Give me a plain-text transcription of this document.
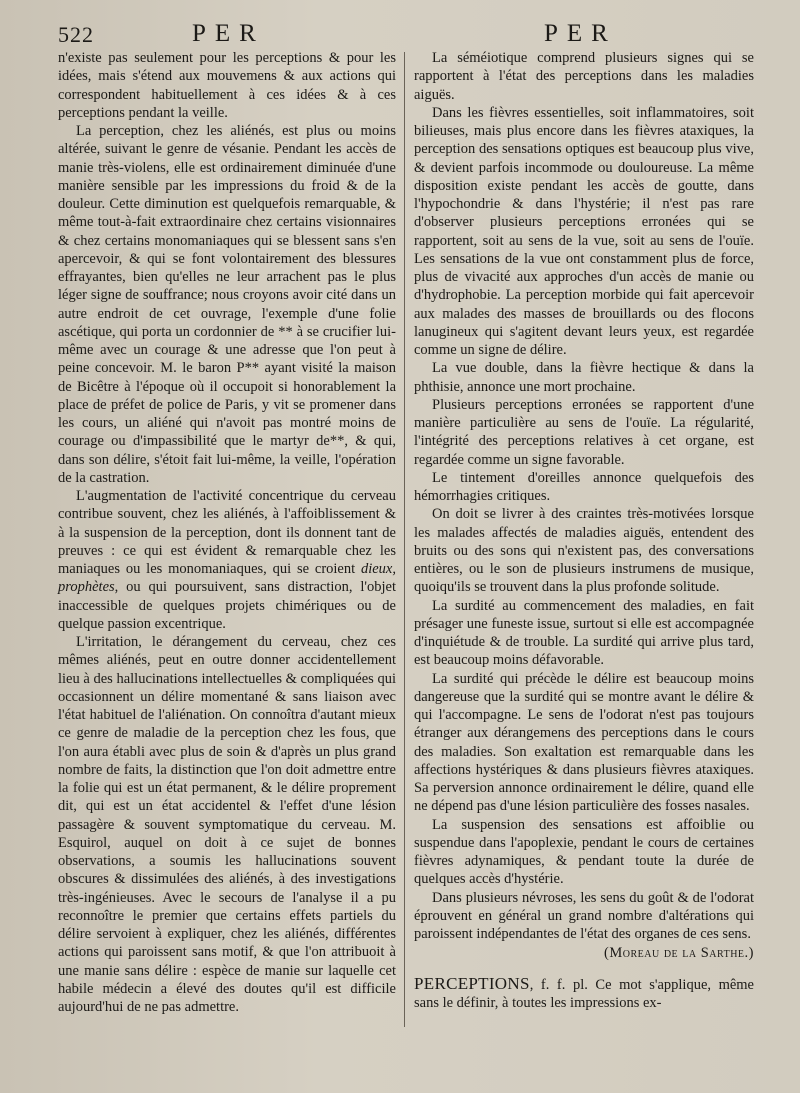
522	PER	PER

n'existe pas seulement pour les perceptions & pour les idées, mais s'étend aux mouvemens & aux actions qui correspondent habituellement à ces idées & à ces perceptions pendant la veille.

La perception, chez les aliénés, est plus ou moins altérée, suivant le genre de vésanie. Pendant les accès de manie très-violens, elle est ordinairement diminuée d'une manière sensible par les impressions du froid & de la douleur. Cette diminution est quelquefois remarquable, & même tout-à-fait extraordinaire chez certains visionnaires & chez certains monomaniaques qui se blessent sans s'en apercevoir, & qui se font volontairement des blessures effrayantes, bien qu'elles ne leur arrachent pas le plus léger signe de souffrance; nous croyons avoir cité dans un autre endroit de cet ouvrage, l'exemple d'une folie ascétique, qui porta un cordonnier de ** à se crucifier lui-même avec un courage & une adresse que l'on peut à peine concevoir. M. le baron P** ayant visité la maison de Bicêtre à l'époque où il occupoit si honorablement la place de préfet de police de Paris, y vit se promener dans les cours, un aliéné qui n'avoit pas montré moins de courage ou d'impassibilité que le martyr de**, & qui, dans son délire, s'étoit fait lui-même, la veille, l'opération de la castration.

L'augmentation de l'activité concentrique du cerveau contribue souvent, chez les aliénés, à l'affoiblissement & à la suspension de la perception, dont ils donnent tant de preuves : ce qui est évident & remarquable chez les maniaques ou les monomaniaques, qui se croient dieux, prophètes, ou qui poursuivent, sans distraction, l'objet inaccessible de quelques projets chimériques ou de quelque passion excentrique.

L'irritation, le dérangement du cerveau, chez ces mêmes aliénés, peut en outre donner accidentellement lieu à des hallucinations intellectuelles & compliquées qui occasionnent un délire momentané & sans liaison avec l'état habituel de l'aliénation. On connoîtra d'autant mieux ce genre de maladie de la perception chez les fous, que l'on aura établi avec plus de soin & d'après un plus grand nombre de faits, la distinction que l'on doit admettre entre la folie qui est un état permanent, & le délire proprement dit, qui est un état accidentel & l'effet d'une lésion passagère & souvent symptomatique du cerveau. M. Esquirol, auquel on doit à ce sujet de bonnes observations, a soumis les hallucinations souvent obscures & dissimulées des aliénés, à des investigations très-ingénieuses. Avec le secours de l'analyse il a pu reconnoître le premier que certains effets partiels du délire servoient à expliquer, chez les aliénés, différentes actions qui paroissent sans motif, & que l'on attribuoit à une manie sans délire : espèce de manie sur laquelle cet habile médecin a élevé des doutes qu'il est difficile aujourd'hui de ne pas admettre.

La séméiotique comprend plusieurs signes qui se rapportent à l'état des perceptions dans les maladies aiguës.

Dans les fièvres essentielles, soit inflammatoires, soit bilieuses, mais plus encore dans les fièvres ataxiques, la perception des sensations optiques est beaucoup plus vive, & devient parfois incommode ou douloureuse. La même disposition existe pendant les accès de goutte, dans l'hypochondrie & dans l'hystérie; il n'est pas rare d'observer plusieurs perceptions erronées qui se rapportent, soit au sens de la vue, soit au sens de l'ouïe. Les sensations de la vue ont constamment plus de force, plus de vivacité aux approches d'un accès de manie ou d'hydrophobie. La perception morbide qui fait apercevoir aux malades des masses de brouillards ou des flocons lanugineux qui s'agitent devant leurs yeux, est regardée comme un signe de délire.

La vue double, dans la fièvre hectique & dans la phthisie, annonce une mort prochaine.

Plusieurs perceptions erronées se rapportent d'une manière particulière au sens de l'ouïe. La régularité, l'intégrité des perceptions relatives à cet organe, est regardée comme un signe favorable.

Le tintement d'oreilles annonce quelquefois des hémorrhagies critiques.

On doit se livrer à des craintes très-motivées lorsque les malades affectés de maladies aiguës, entendent des bruits ou des sons qui n'existent pas, des conversations entières, ou le son de plusieurs instrumens de musique, quoiqu'ils se trouvent dans la plus profonde solitude.

La surdité au commencement des maladies, en fait présager une funeste issue, surtout si elle est accompagnée d'inquiétude & de trouble. La surdité qui arrive plus tard, est beaucoup moins défavorable.

La surdité qui précède le délire est beaucoup moins dangereuse que la surdité qui se montre avant le délire & qui l'accompagne. Le sens de l'odorat n'est pas toujours étranger aux dérangemens des perceptions dans le cours des maladies. Son exaltation est remarquable dans les affections hystériques & dans plusieurs fièvres ataxiques. Sa perversion annonce ordinairement le délire, quand elle ne dépend pas d'une lésion particulière des fosses nasales.

La suspension des sensations est affoiblie ou suspendue dans l'apoplexie, pendant le cours de certaines fièvres adynamiques, & pendant toute la durée de quelques accès d'hystérie.

Dans plusieurs névroses, les sens du goût & de l'odorat éprouvent en général un grand nombre d'altérations qui paroissent indépendantes de l'état des organes de ces sens.

(Moreau de la Sarthe.)

PERCEPTIONS, f. f. pl. Ce mot s'applique, même sans le définir, à toutes les impressions ex-
